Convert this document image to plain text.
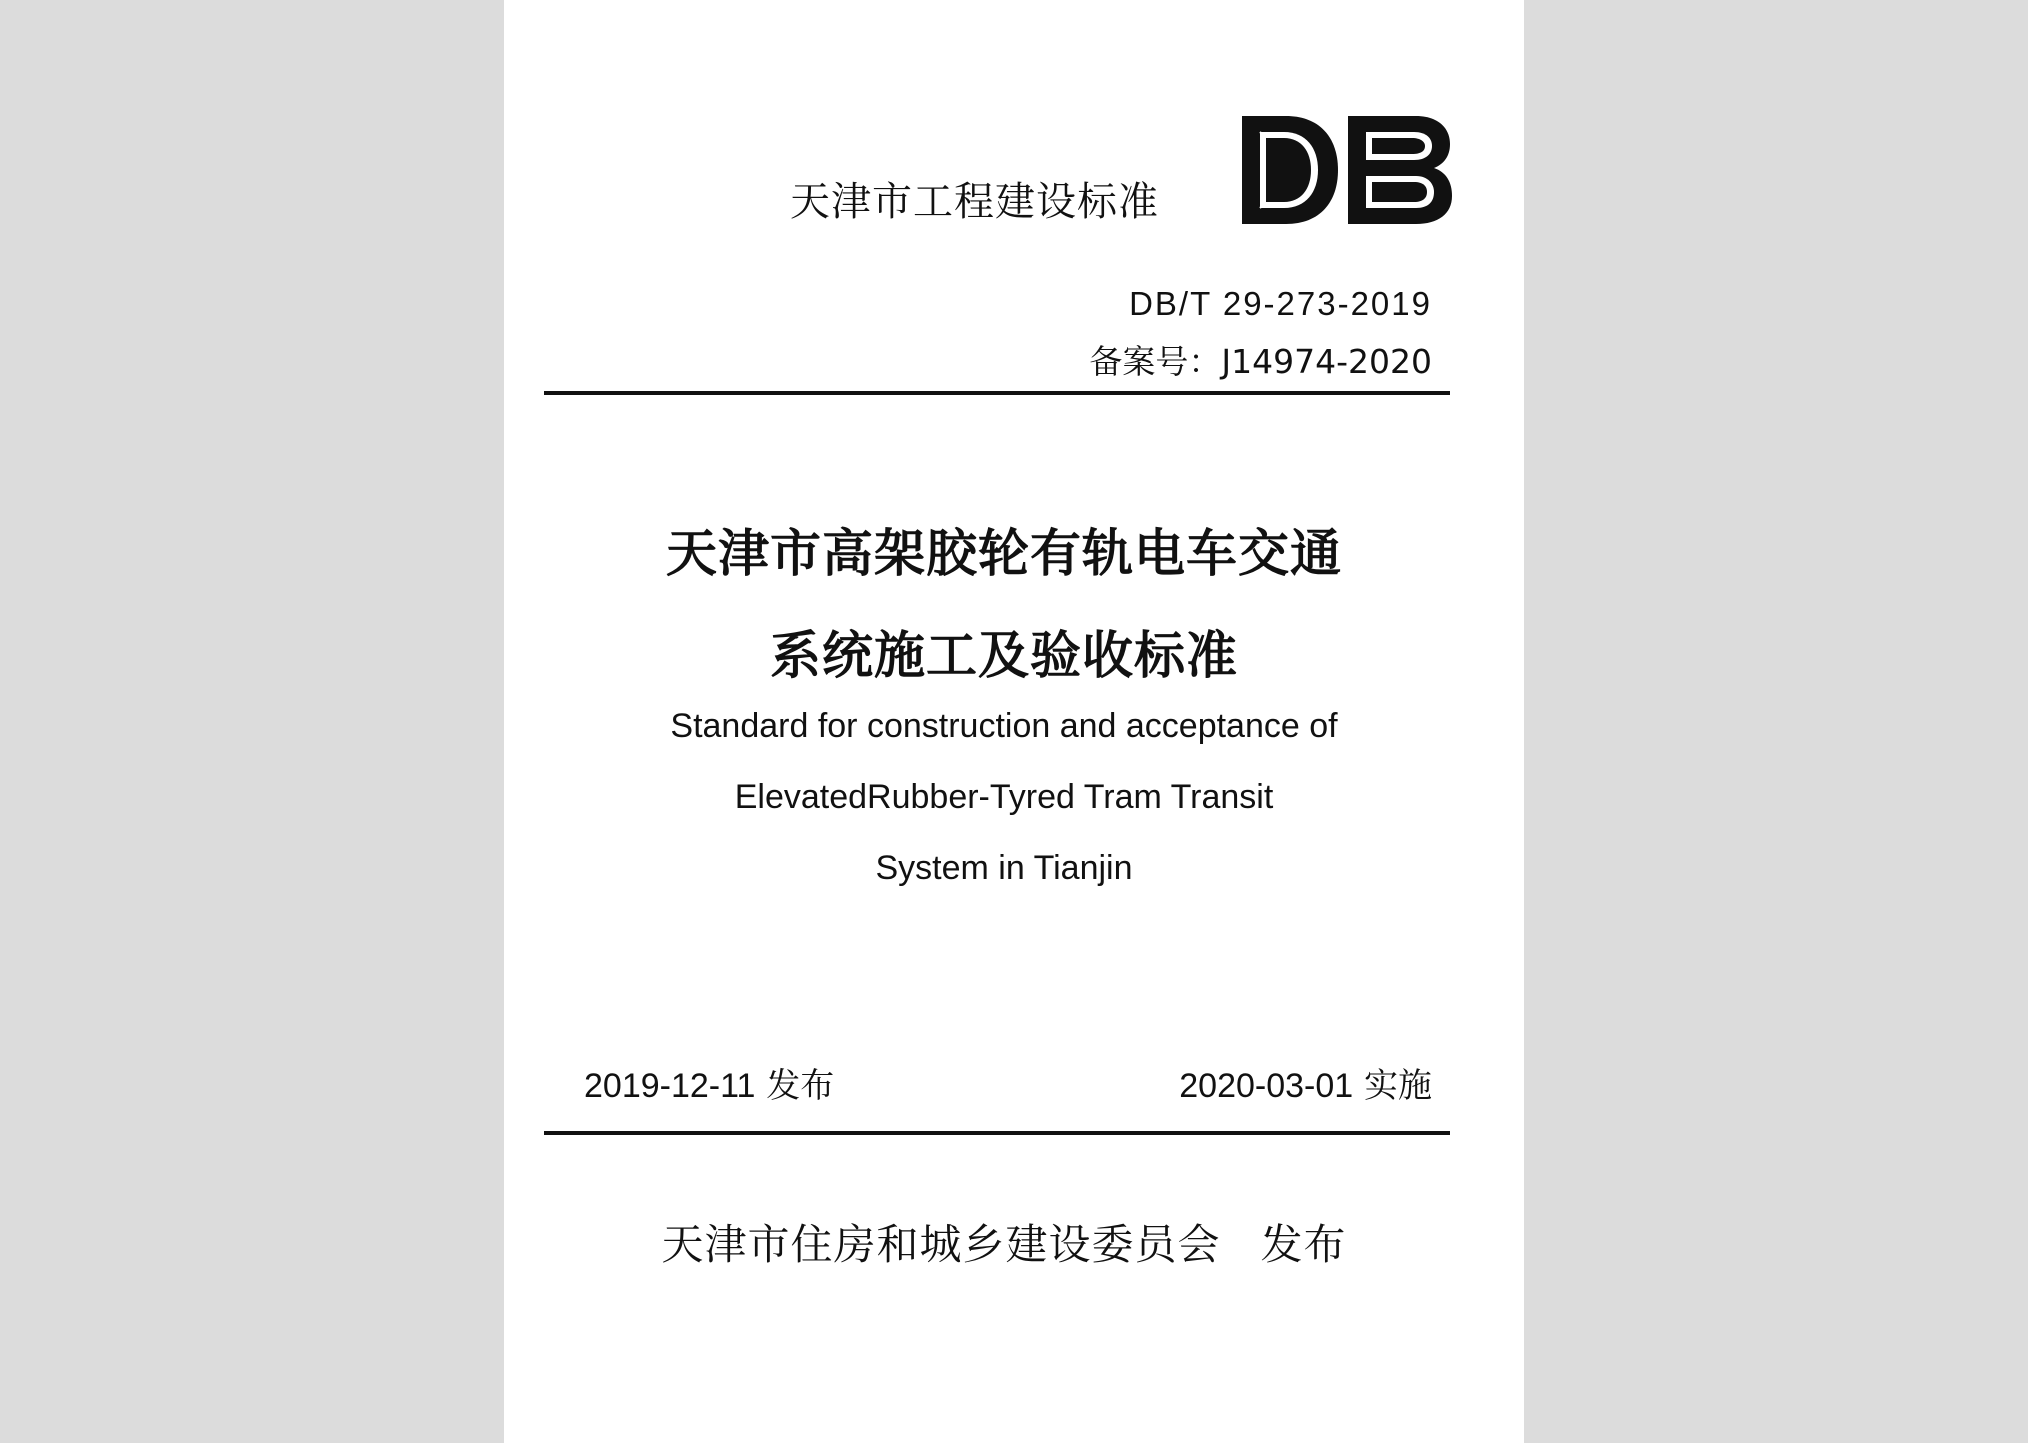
天津市工程建设标准
DB/T 29-273-2019
备案号：J14974-2020
天津市高架胶轮有轨电车交通
系统施工及验收标准
Standard for construction and acceptance of
ElevatedRubber-Tyred Tram Transit
System in Tianjin
2019-12-11 发布	2020-03-01 实施
天津市住房和城乡建设委员会 发布
